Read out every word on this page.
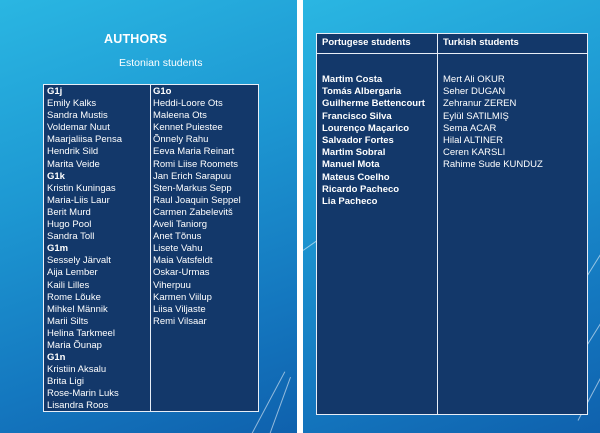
AUTHORS
Estonian students
G1j
Emily Kalks
Sandra Mustis
Voldemar Nuut
Maarjaliisa Pensa
Hendrik Sild
Marita Veide
G1k
Kristin Kuningas
Maria-Liis Laur
Berit Murd
Hugo Pool
Sandra Toll
G1m
Sessely Järvalt
Aija Lember
Kaili Lilles
Rome Lõuke
Mihkel Männik
Marii Silts
Helina Tarkmeel
Maria Õunap
G1n
Kristiin Aksalu
Brita Ligi
Rose-Marin Luks
Lisandra Roos
G1o
Heddi-Loore Ots
Maleena Ots
Kennet Puiestee
Õnnely Rahu
Eeva Maria Reinart
Romi Liise Roomets
Jan Erich Sarapuu
Sten-Markus Sepp
Raul Joaquin Seppel
Carmen Zabelevitš
Aveli Taniorg
Anet Tõnus
Lisete Vahu
Maia Vatsfeldt
Oskar-Urmas
Viherpuu
Karmen Viilup
Liisa Viljaste
Remi Vilsaar
Portugese students	Turkish students
Martim Costa
Tomás Albergaria
Guilherme Bettencourt
Francisco Silva
Lourenço Maçarico
Salvador Fortes
Martim Sobral
Manuel Mota
Mateus Coelho
Ricardo Pacheco
Lia Pacheco
Mert Ali OKUR
Seher DUGAN
Zehranur ZEREN
Eylül SATILMIŞ
Sema ACAR
Hilal ALTINER
Ceren KARSLI
Rahime Sude KUNDUZ
